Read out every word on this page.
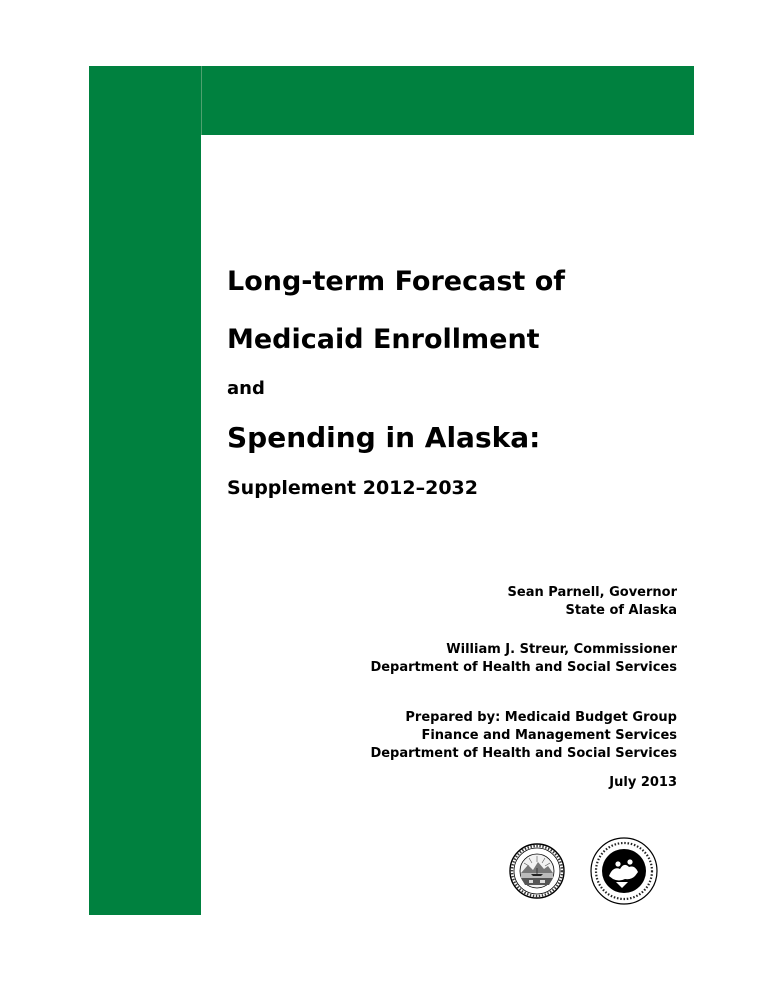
Long-term Forecast of

Medicaid Enrollment

and

Spending in Alaska:

Supplement 2012–2032

Sean Parnell, Governor

State of Alaska

William J. Streur, Commissioner

Department of Health and Social Services

Prepared by: Medicaid Budget Group

Finance and Management Services

Department of Health and Social Services

July 2013
